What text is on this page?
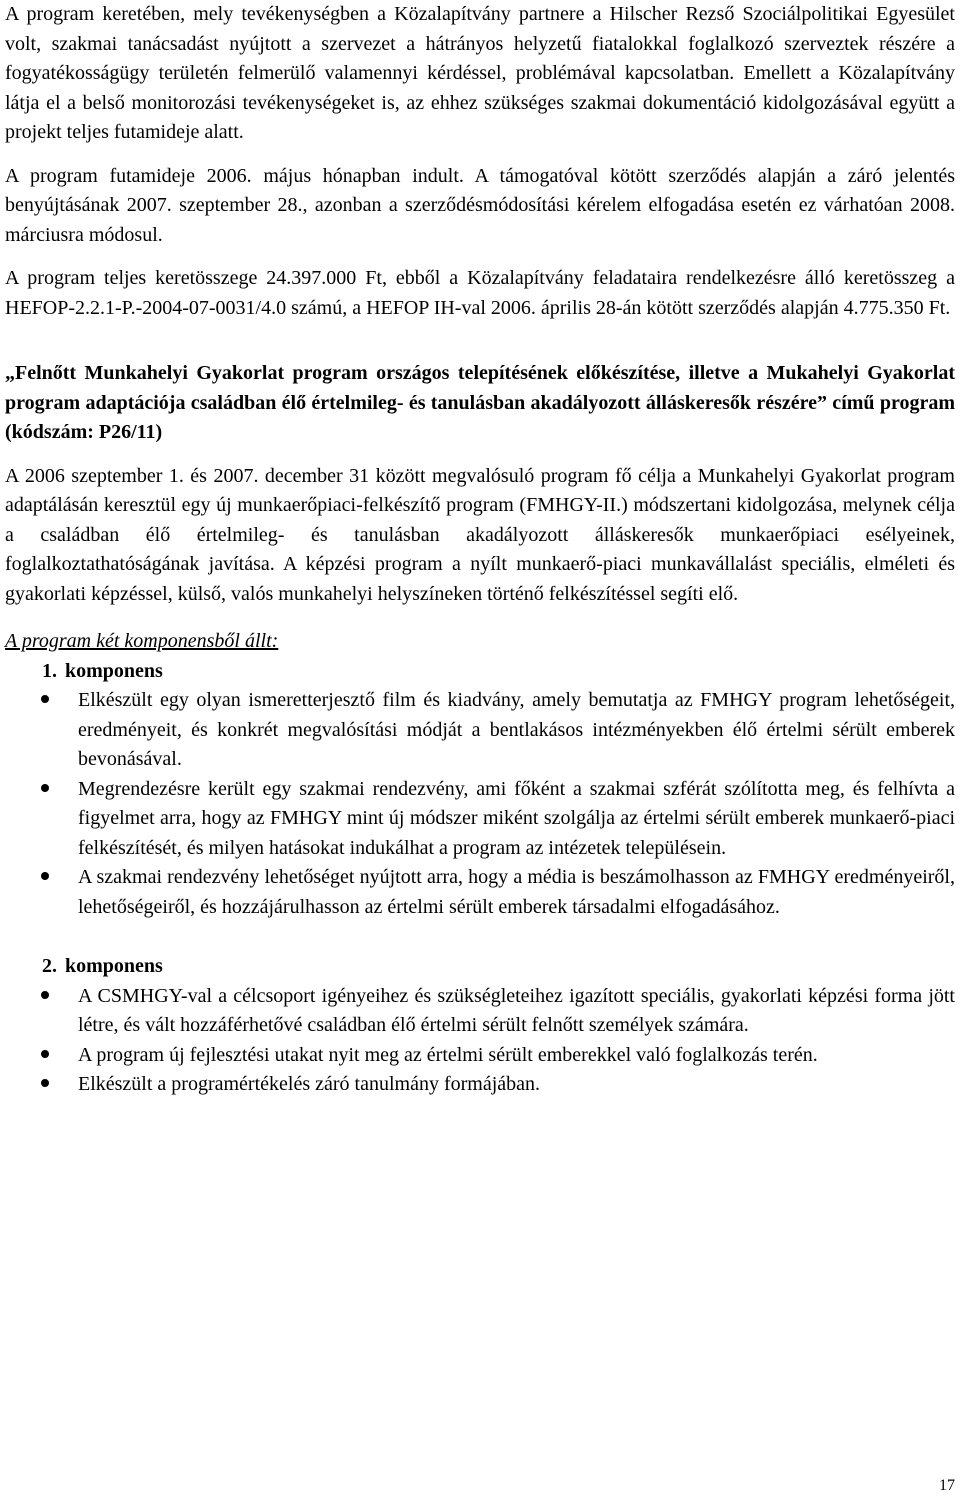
A program keretében, mely tevékenységben a Közalapítvány partnere a Hilscher Rezső Szociálpolitikai Egyesület volt, szakmai tanácsadást nyújtott a szervezet a hátrányos helyzetű fiatalokkal foglalkozó szerveztek részére a fogyatékosságügy területén felmerülő valamennyi kérdéssel, problémával kapcsolatban. Emellett a Közalapítvány látja el a belső monitorozási tevékenységeket is, az ehhez szükséges szakmai dokumentáció kidolgozásával együtt a projekt teljes futamideje alatt.

A program futamideje 2006. május hónapban indult. A támogatóval kötött szerződés alapján a záró jelentés benyújtásának 2007. szeptember 28., azonban a szerződésmódosítási kérelem elfogadása esetén ez várhatóan 2008. márciusra módosul.

A program teljes keretösszege 24.397.000 Ft, ebből a Közalapítvány feladataira rendelkezésre álló keretösszeg a HEFOP-2.2.1-P.-2004-07-0031/4.0 számú, a HEFOP IH-val 2006. április 28-án kötött szerződés alapján 4.775.350 Ft.

„Felnőtt Munkahelyi Gyakorlat program országos telepítésének előkészítése, illetve a Mukahelyi Gyakorlat program adaptációja családban élő értelmileg- és tanulásban akadályozott álláskeresők részére” című program (kódszám: P26/11)

A 2006 szeptember 1. és 2007. december 31 között megvalósuló program fő célja a Munkahelyi Gyakorlat program adaptálásán keresztül egy új munkaerőpiaci-felkészítő program (FMHGY-II.) módszertani kidolgozása, melynek célja a családban élő értelmileg- és tanulásban akadályozott álláskeresők munkaerőpiaci esélyeinek, foglalkoztathatóságának javítása. A képzési program a nyílt munkaerő-piaci munkavállalást speciális, elméleti és gyakorlati képzéssel, külső, valós munkahelyi helyszíneken történő felkészítéssel segíti elő.

A program két komponensből állt:

1. komponens

Elkészült egy olyan ismeretterjesztő film és kiadvány, amely bemutatja az FMHGY program lehetőségeit, eredményeit, és konkrét megvalósítási módját a bentlakásos intézményekben élő értelmi sérült emberek bevonásával.
Megrendezésre került egy szakmai rendezvény, ami főként a szakmai szférát szólította meg, és felhívta a figyelmet arra, hogy az FMHGY mint új módszer miként szolgálja az értelmi sérült emberek munkaerő-piaci felkészítését, és milyen hatásokat indukálhat a program az intézetek településein.
A szakmai rendezvény lehetőséget nyújtott arra, hogy a média is beszámolhasson az FMHGY eredményeiről, lehetőségeiről, és hozzájárulhasson az értelmi sérült emberek társadalmi elfogadásához.

2. komponens

A CSMHGY-val a célcsoport igényeihez és szükségleteihez igazított speciális, gyakorlati képzési forma jött létre, és vált hozzáférhetővé családban élő értelmi sérült felnőtt személyek számára.
A program új fejlesztési utakat nyit meg az értelmi sérült emberekkel való foglalkozás terén.
Elkészült a programértékelés záró tanulmány formájában.
17
